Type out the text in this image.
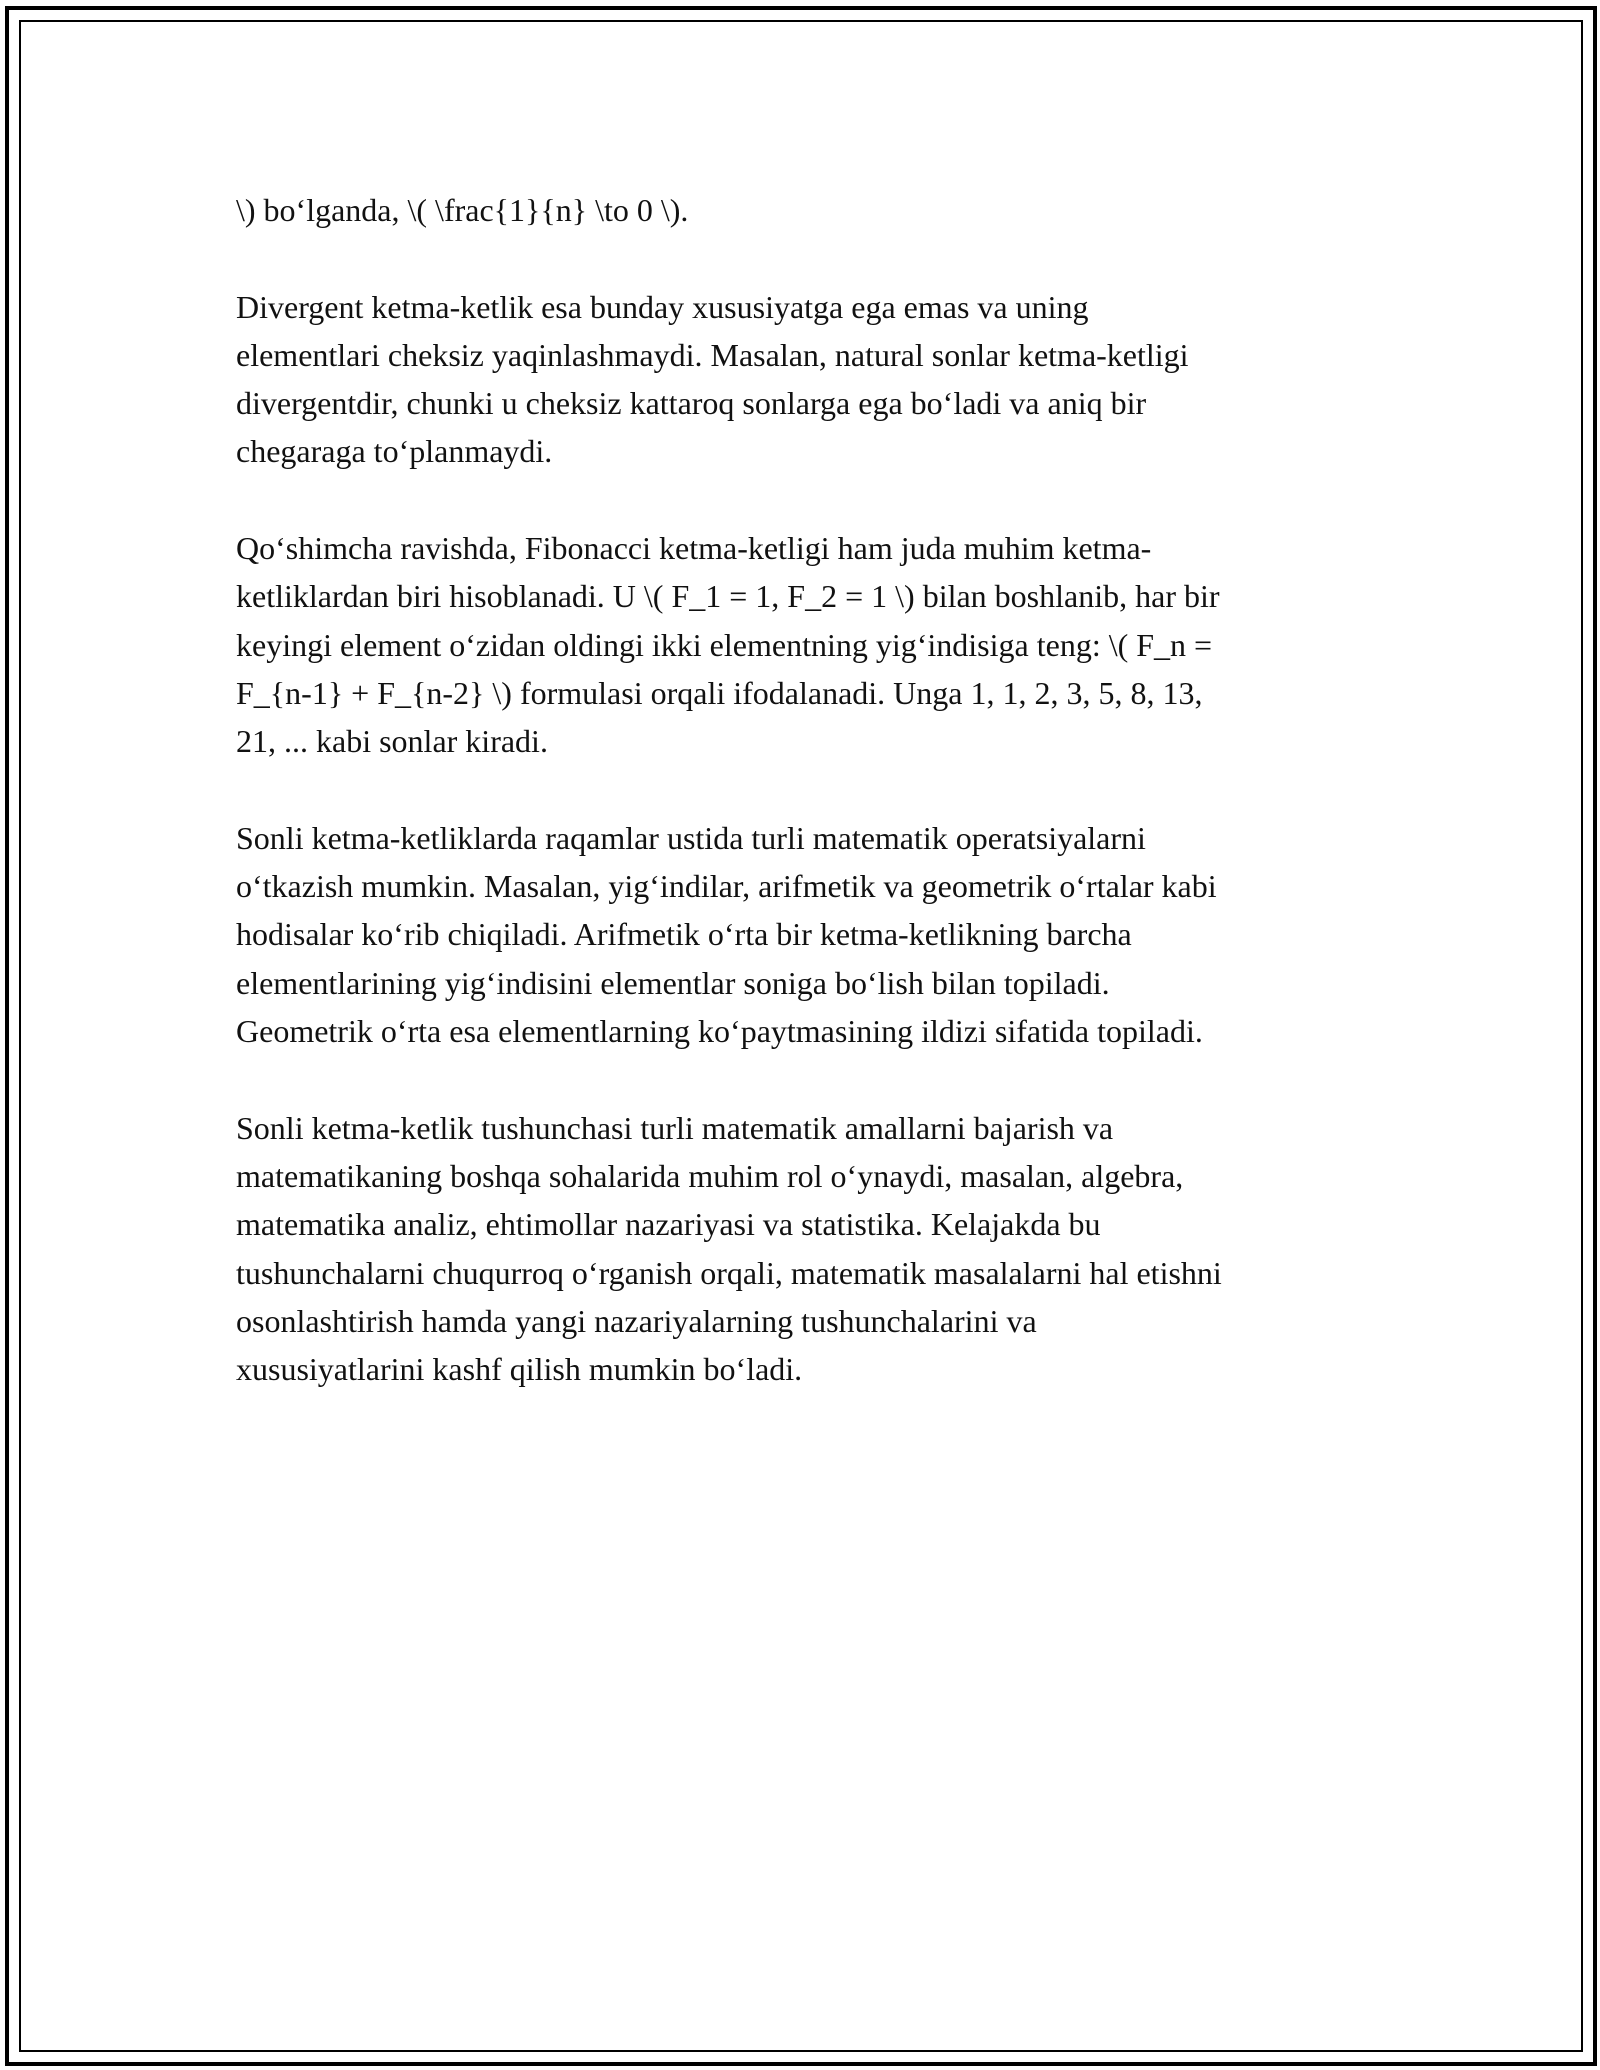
\) bo‘lganda, \( \frac{1}{n} \to 0 \).

Divergent ketma-ketlik esa bunday xususiyatga ega emas va uning
elementlari cheksiz yaqinlashmaydi. Masalan, natural sonlar ketma-ketligi
divergentdir, chunki u cheksiz kattaroq sonlarga ega bo‘ladi va aniq bir
chegaraga to‘planmaydi.

Qo‘shimcha ravishda, Fibonacci ketma-ketligi ham juda muhim ketma-
ketliklardan biri hisoblanadi. U \( F_1 = 1, F_2 = 1 \) bilan boshlanib, har bir
keyingi element o‘zidan oldingi ikki elementning yig‘indisiga teng: \( F_n =
F_{n-1} + F_{n-2} \) formulasi orqali ifodalanadi. Unga 1, 1, 2, 3, 5, 8, 13,
21, ... kabi sonlar kiradi.

Sonli ketma-ketliklarda raqamlar ustida turli matematik operatsiyalarni
o‘tkazish mumkin. Masalan, yig‘indilar, arifmetik va geometrik o‘rtalar kabi
hodisalar ko‘rib chiqiladi. Arifmetik o‘rta bir ketma-ketlikning barcha
elementlarining yig‘indisini elementlar soniga bo‘lish bilan topiladi.
Geometrik o‘rta esa elementlarning ko‘paytmasining ildizi sifatida topiladi.

Sonli ketma-ketlik tushunchasi turli matematik amallarni bajarish va
matematikaning boshqa sohalarida muhim rol o‘ynaydi, masalan, algebra,
matematika analiz, ehtimollar nazariyasi va statistika. Kelajakda bu
tushunchalarni chuqurroq o‘rganish orqali, matematik masalalarni hal etishni
osonlashtirish hamda yangi nazariyalarning tushunchalarini va
xususiyatlarini kashf qilish mumkin bo‘ladi.
